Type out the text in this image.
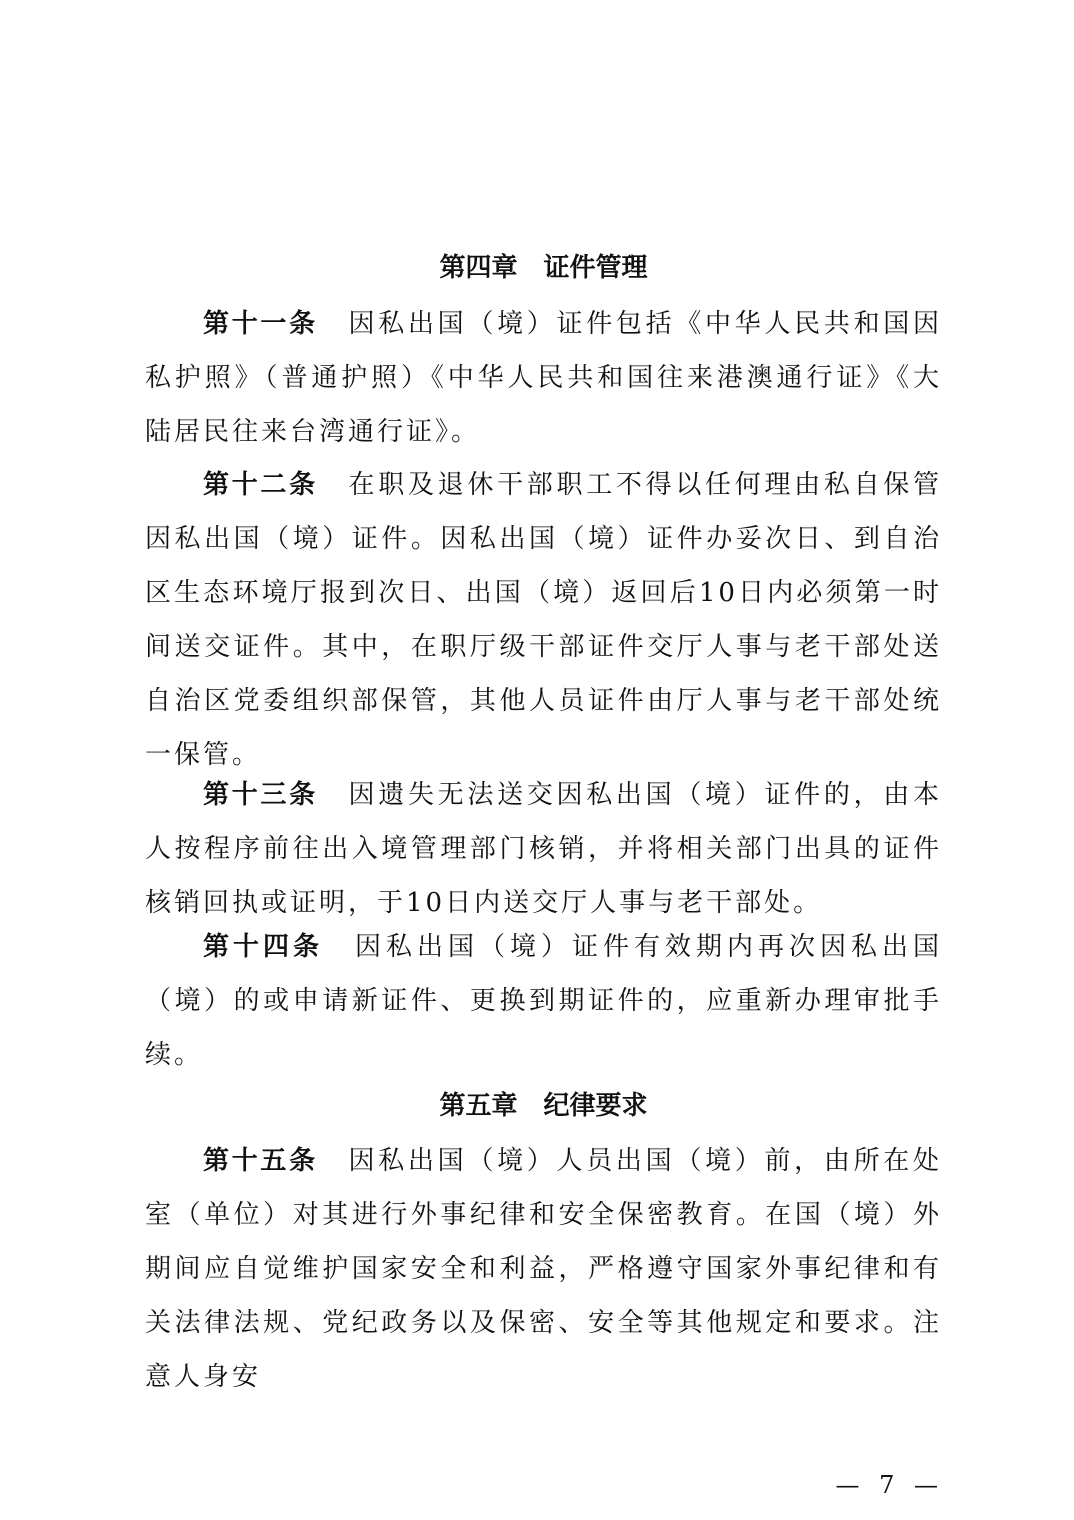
第四章 证件管理

第十一条 因私出国（境）证件包括《中华人民共和国因私护照》（普通护照）《中华人民共和国往来港澳通行证》《大陆居民往来台湾通行证》。

第十二条 在职及退休干部职工不得以任何理由私自保管因私出国（境）证件。因私出国（境）证件办妥次日、到自治区生态环境厅报到次日、出国（境）返回后10日内必须第一时间送交证件。其中，在职厅级干部证件交厅人事与老干部处送自治区党委组织部保管，其他人员证件由厅人事与老干部处统一保管。

第十三条 因遗失无法送交因私出国（境）证件的，由本人按程序前往出入境管理部门核销，并将相关部门出具的证件核销回执或证明，于10日内送交厅人事与老干部处。

第十四条 因私出国（境）证件有效期内再次因私出国（境）的或申请新证件、更换到期证件的，应重新办理审批手续。

第五章 纪律要求

第十五条 因私出国（境）人员出国（境）前，由所在处室（单位）对其进行外事纪律和安全保密教育。在国（境）外期间应自觉维护国家安全和利益，严格遵守国家外事纪律和有关法律法规、党纪政务以及保密、安全等其他规定和要求。注意人身安

— 7 —
